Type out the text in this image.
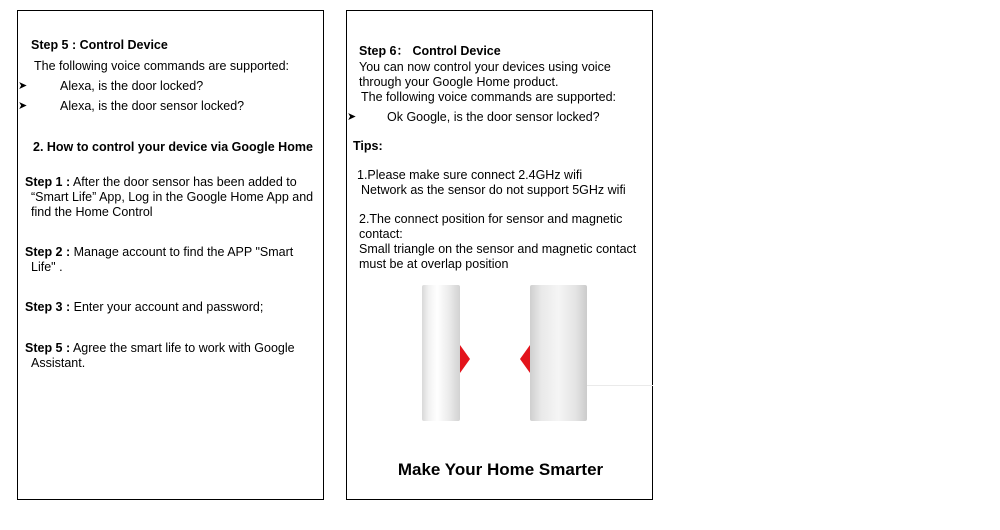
Step 5 : Control Device
The following voice commands are supported:
➤	Alexa, is the door locked?
➤	Alexa, is the door sensor locked?
2. How to control your device via Google Home
Step 1 : After the door sensor has been added to
“Smart Life” App, Log in the Google Home App and
find the Home Control
Step 2 : Manage account to find the APP "Smart
Life" .
Step 3 : Enter your account and password;
Step 5 : Agree the smart life to work with Google
Assistant.
Step 6： Control Device
You can now control your devices using voice
through your Google Home product.
The following voice commands are supported:
➤ Ok Google, is the door sensor locked?
Tips:
1.Please make sure connect 2.4GHz wifi
Network as the sensor do not support 5GHz wifi
2.The connect position for sensor and magnetic
contact:
Small triangle on the sensor and magnetic contact
must be at overlap position
Make Your Home Smarter
